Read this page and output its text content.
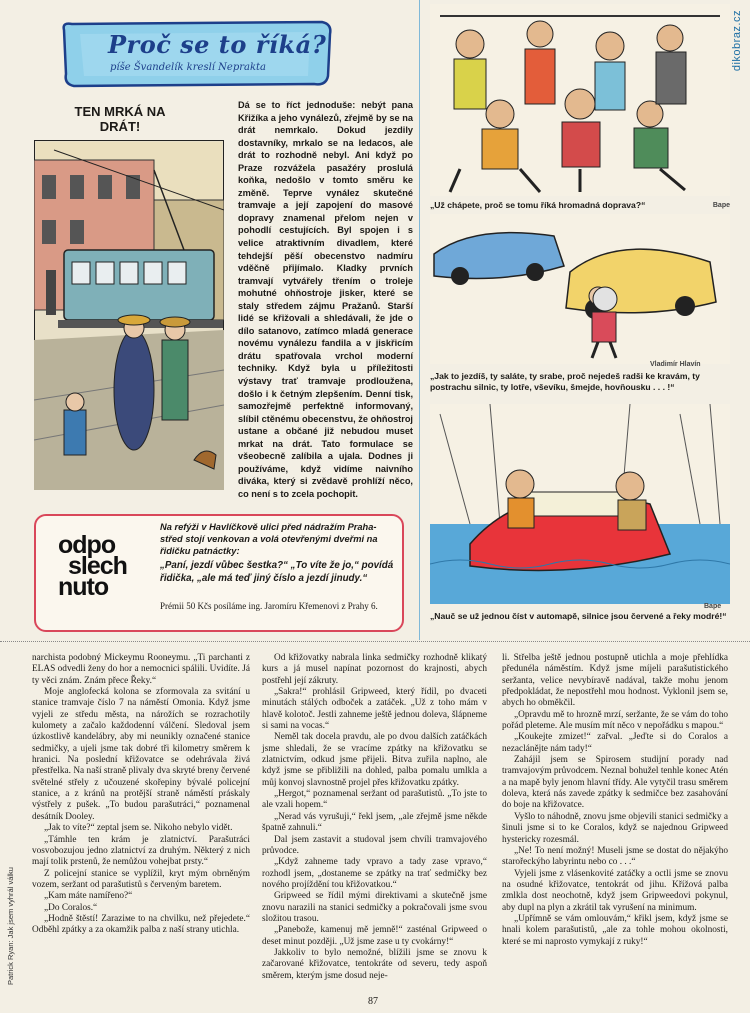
Proč se to říká?
píše Švandelík kreslí Neprakta
TEN MRKÁ NA DRÁT!
Dá se to říct jednoduše: nebýt pana Křižíka a jeho vynálezů, zřejmě by se na drát nemrkalo. Dokud jezdily dostavníky, mrkalo se na ledacos, ale drát to rozhodně nebyl. Ani když po Praze rozvážela pasažéry proslulá koňka, nedošlo v tomto směru ke změně. Teprve vynález skutečné tramvaje a její zapojení do masové dopravy znamenal přelom nejen v pohodlí cestujících. Byl spojen i s velice atraktivním divadlem, které tehdejší pěší obecenstvo nadmíru vděčně přijímalo. Kladky prvních tramvají vytvářely třením o troleje mohutné ohňostroje jisker, které se staly středem zájmu Pražanů. Starší lidé se křižovali a shledávali, že jde o dílo satanovo, zatímco mladá generace novému vynálezu fandila a v jiskřicím drátu spatřovala vrchol moderní techniky. Když byla u příležitosti výstavy trať tramvaje prodloužena, došlo i k četným zlepšením. Denní tisk, samozřejmě perfektně informovaný, slíbil ctěnému obecenstvu, že ohňostroj ustane a občané již nebudou muset mrkat na drát. Tato formulace se všeobecně zalíbila a ujala. Dodnes ji používáme, když vidíme naivního diváka, který si zvědavě prohlíží něco, co není s to zcela pochopit.
odpo
slech
nuto
Na refýži v Havlíčkově ulici před nádražím Praha-střed stojí venkovan a volá otevřenými dveřmi na řidičku patnáctky:
„Paní, jezdí vůbec šestka?“ „To víte že jo,“ povídá řidička, „ale má teď jiný číslo a jezdí jinudy.“
Prémii 50 Kčs posíláme ing. Jaromíru Křemenovi z Prahy 6.
„Už chápete, proč se tomu říká hromadná doprava?“	Bape
Vladimír Hlavín
„Jak to jezdíš, ty saláte, ty srabe, proč nejedeš radši ke kravám, ty postrachu silnic, ty lotře, vševíku, šmejde, hovňousku . . . !“
„Nauč se už jednou číst v automapě, silnice jsou červené a řeky modré!“
Bape
dikobraz.cz
Patrick Ryan: Jak jsem vyhrál válku

narchista podobný Mickeymu Rooneymu. „Ti parchanti z ELAS odvedli ženy do hor a nemocnici spálili. Uvidíte. Já ty věci znám. Znám přece Řeky.“

Moje anglofecká kolona se zformovala za svitání u stanice tramvaje číslo 7 na náměstí Omonia. Když jsme vyjeli ze středu města, na nárožích se rozrachotily kulomety a začalo každodenní válčení. Sledoval jsem úzkostlivě kandelábry, aby mi neunikly označené stanice sedmičky, a ujeli jsme tak dobré tři kilometry směrem k hranici. Na poslední křižovatce se odehrávala živá přestřelka. Na naší straně plivaly dva skryté breny červené světelné střely z učouzené skořepiny bývalé policejní stanice, a z kránů na protější straně náměstí práskaly výstřely z pušek. „To budou parašutráci,“ poznamenal desátník Dooley.

„Jak to víte?“ zeptal jsem se. Nikoho nebylo vidět.

„Támhle ten krám je zlatnictví. Parašutráci vosvobozujou jedno zlatnictví za druhým. Některý z nich mají tolik prstenů, že nemůžou vohejbat prsty.“

Z policejní stanice se vyplížil, kryt mým obrněným vozem, seržant od parašutistů s červeným baretem.

„Kam máte namířeno?“

„Do Coralos.“

„Hodně štěstí! Zaraziме to na chvilku, než přejedete.“ Odběhl zpátky a za okamžik palba z naší strany utichla.

Od křižovatky nabrala linka sedmičky rozhodně klikatý kurs a já musel napínat pozornost do krajnosti, abych postřehl její zákruty.

„Sakra!“ prohlásil Gripweed, který řídil, po dvaceti minutách stálých odboček a zatáček. „Už z toho mám v hlavě kolotoč. Jestli zahneme ještě jednou doleva, šlápneme si sami na vocas.“

Neměl tak docela pravdu, ale po dvou dalších zatáčkách jsme shledali, že se vracíme zpátky na křižovatku se zlatnictvím, odkud jsme přijeli. Bitva zuřila naplno, ale když jsme se přibližili na dohled, palba pomalu umlkla a můj konvoj slavnostně projel přes křižovatku zpátky.

„Hergot,“ poznamenal seržant od parašutistů. „To jste to ale vzali hopem.“

„Nerad vás vyrušuji,“ řekl jsem, „ale zřejmě jsme někde špatně zahnuli.“

Dal jsem zastavit a studoval jsem chvíli tramvajového průvodce.

„Když zahneme tady vpravo a tady zase vpravo,“ rozhodl jsem, „dostaneme se zpátky na trať sedmičky bez nového projíždění tou křižovatkou.“

Gripweed se řídil mými direktivami a skutečně jsme znovu narazili na stanici sedmičky a pokračovali jsme svou složitou trasou.

„Panebože, kamenuj mě jemně!“ zasténal Gripweed o deset minut později. „Už jsme zase u ty cvokárny!“

Jakkoliv to bylo nemožné, blížili jsme se znovu k začarované křižovatce, tentokráte od severu, tedy aspoň směrem, kterým jsme dosud neje-

li. Střelba ještě jednou postupně utichla a moje přehlídka předunéla náměstím. Když jsme míjeli parašutistického seržanta, velice nevybíravě nadával, takže mohu jenom předpokládat, že nepostřehl mou hodnost. Vyklonil jsem se, abych ho obměkčil.

„Opravdu mě to hrozně mrzí, seržante, že se vám do toho pořád pleteme. Ale musím mít něco v nepořádku s mapou.“

„Koukejte zmizet!“ zařval. „Jeďte si do Coralos a nezaclánějte nám tady!“

Zahájil jsem se Spirosem studijní porady nad tramvajovým průvodcem. Neznal bohužel tenhle konec Atén a na mapě byly jenom hlavní třídy. Ale vytyčil trasu směrem doleva, která nás zavede zpátky k sedmičce bez zasahování do boje na křižovatce.

Vyšlo to náhodně, znovu jsme objevili stanici sedmičky a šinuli jsme si to ke Coralos, když se najednou Gripweed hystericky rozesmál.

„Ne! To není možný! Museli jsme se dostat do nějakýho starořeckýho labyrintu nebo co . . .“

Vyjeli jsme z vlásenkovité zatáčky a octli jsme se znovu na osudné křižovatce, tentokrát od jihu. Křížová palba zmlkla dost neochotně, když jsem Gripweedovi pokynul, aby dupl na plyn a zkrátil tak vyrušení na minimum.

„Upřímně se vám omlouvám,“ křikl jsem, když jsme se hnali kolem parašutistů, „ale za tohle mohou okolnosti, které se mi naprosto vymykají z ruky!“

87
